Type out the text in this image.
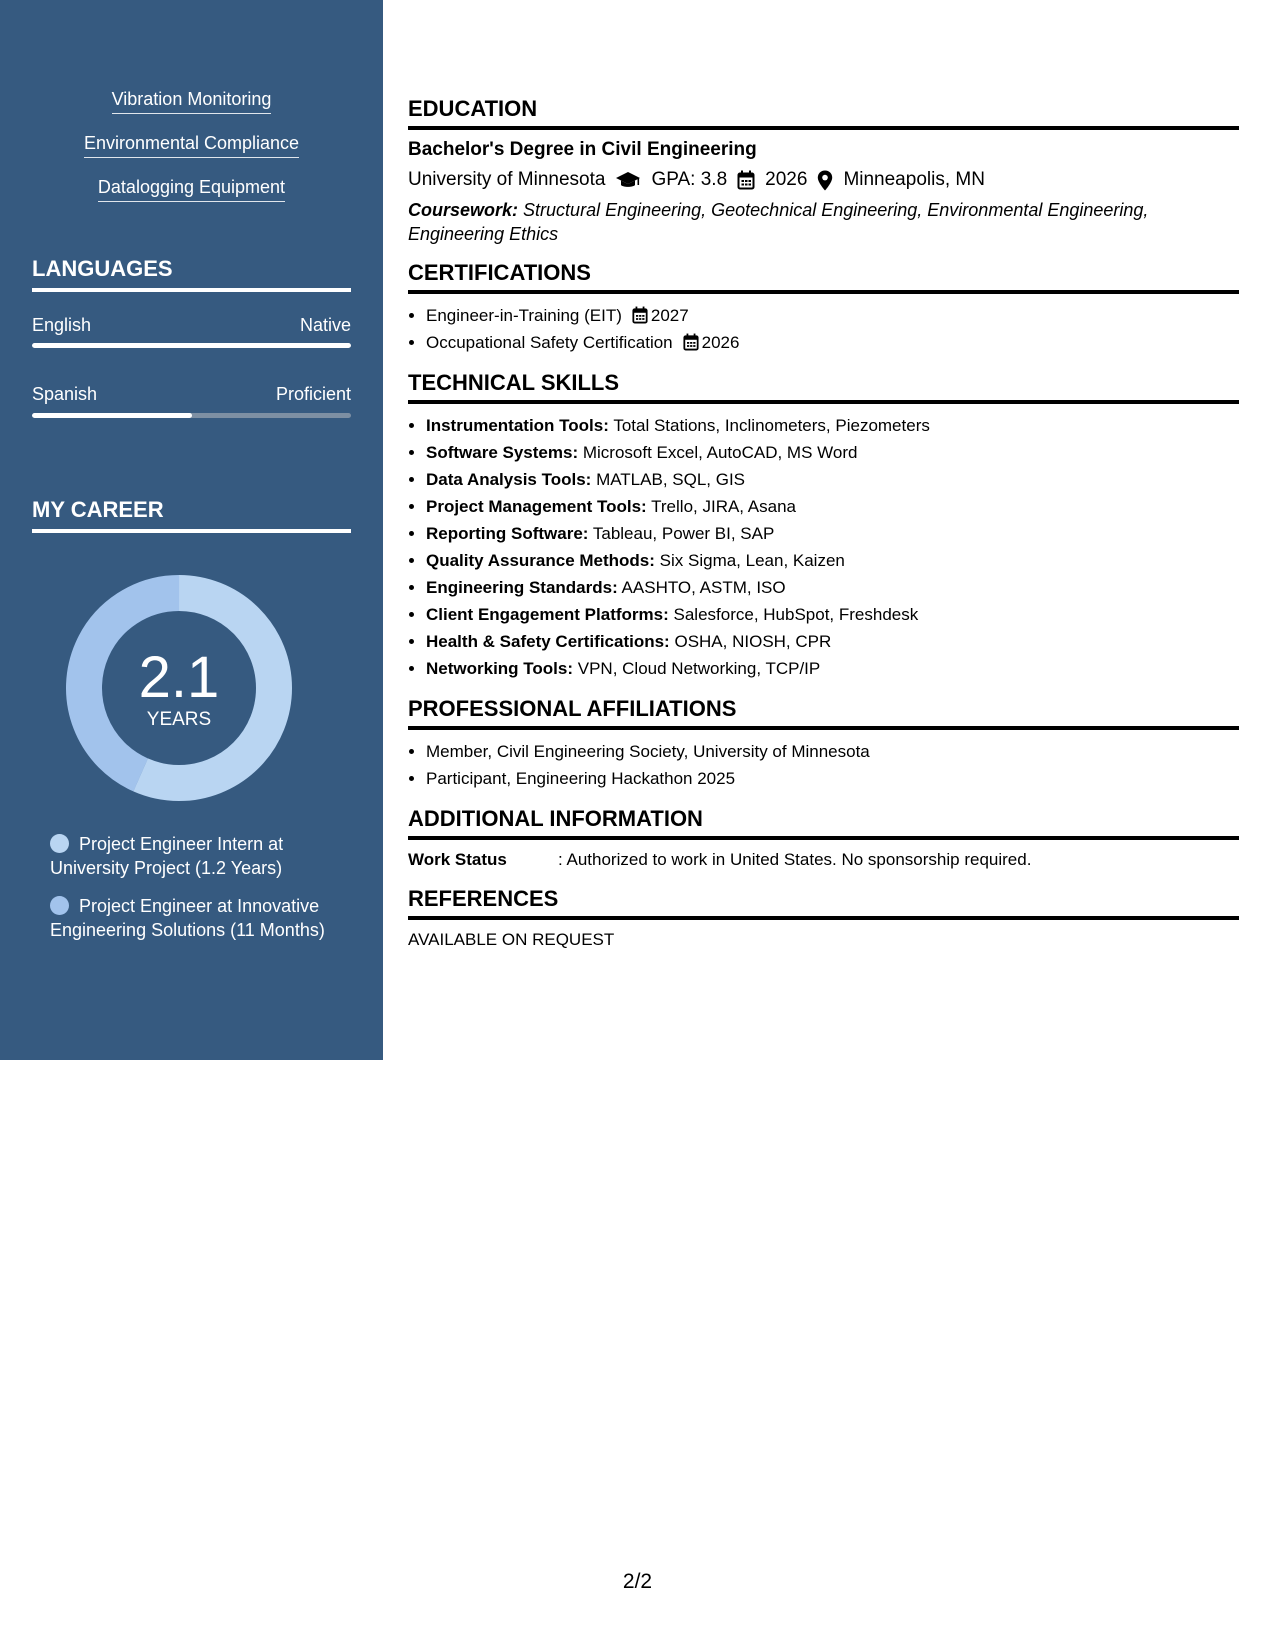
Vibration Monitoring
Environmental Compliance
Datalogging Equipment
LANGUAGES
English	Native
Spanish	Proficient
MY CAREER
2.1
YEARS
Project Engineer Intern at University Project (1.2 Years)
Project Engineer at Innovative Engineering Solutions (11 Months)
EDUCATION
Bachelor's Degree in Civil Engineering
University of Minnesota GPA: 3.8 2026 Minneapolis, MN
Coursework: Structural Engineering, Geotechnical Engineering, Environmental Engineering, Engineering Ethics
CERTIFICATIONS
• Engineer-in-Training (EIT) 2027
• Occupational Safety Certification 2026
TECHNICAL SKILLS
• Instrumentation Tools: Total Stations, Inclinometers, Piezometers
• Software Systems: Microsoft Excel, AutoCAD, MS Word
• Data Analysis Tools: MATLAB, SQL, GIS
• Project Management Tools: Trello, JIRA, Asana
• Reporting Software: Tableau, Power BI, SAP
• Quality Assurance Methods: Six Sigma, Lean, Kaizen
• Engineering Standards: AASHTO, ASTM, ISO
• Client Engagement Platforms: Salesforce, HubSpot, Freshdesk
• Health & Safety Certifications: OSHA, NIOSH, CPR
• Networking Tools: VPN, Cloud Networking, TCP/IP
PROFESSIONAL AFFILIATIONS
• Member, Civil Engineering Society, University of Minnesota
• Participant, Engineering Hackathon 2025
ADDITIONAL INFORMATION
Work Status	: Authorized to work in United States. No sponsorship required.
REFERENCES
AVAILABLE ON REQUEST
2/2
